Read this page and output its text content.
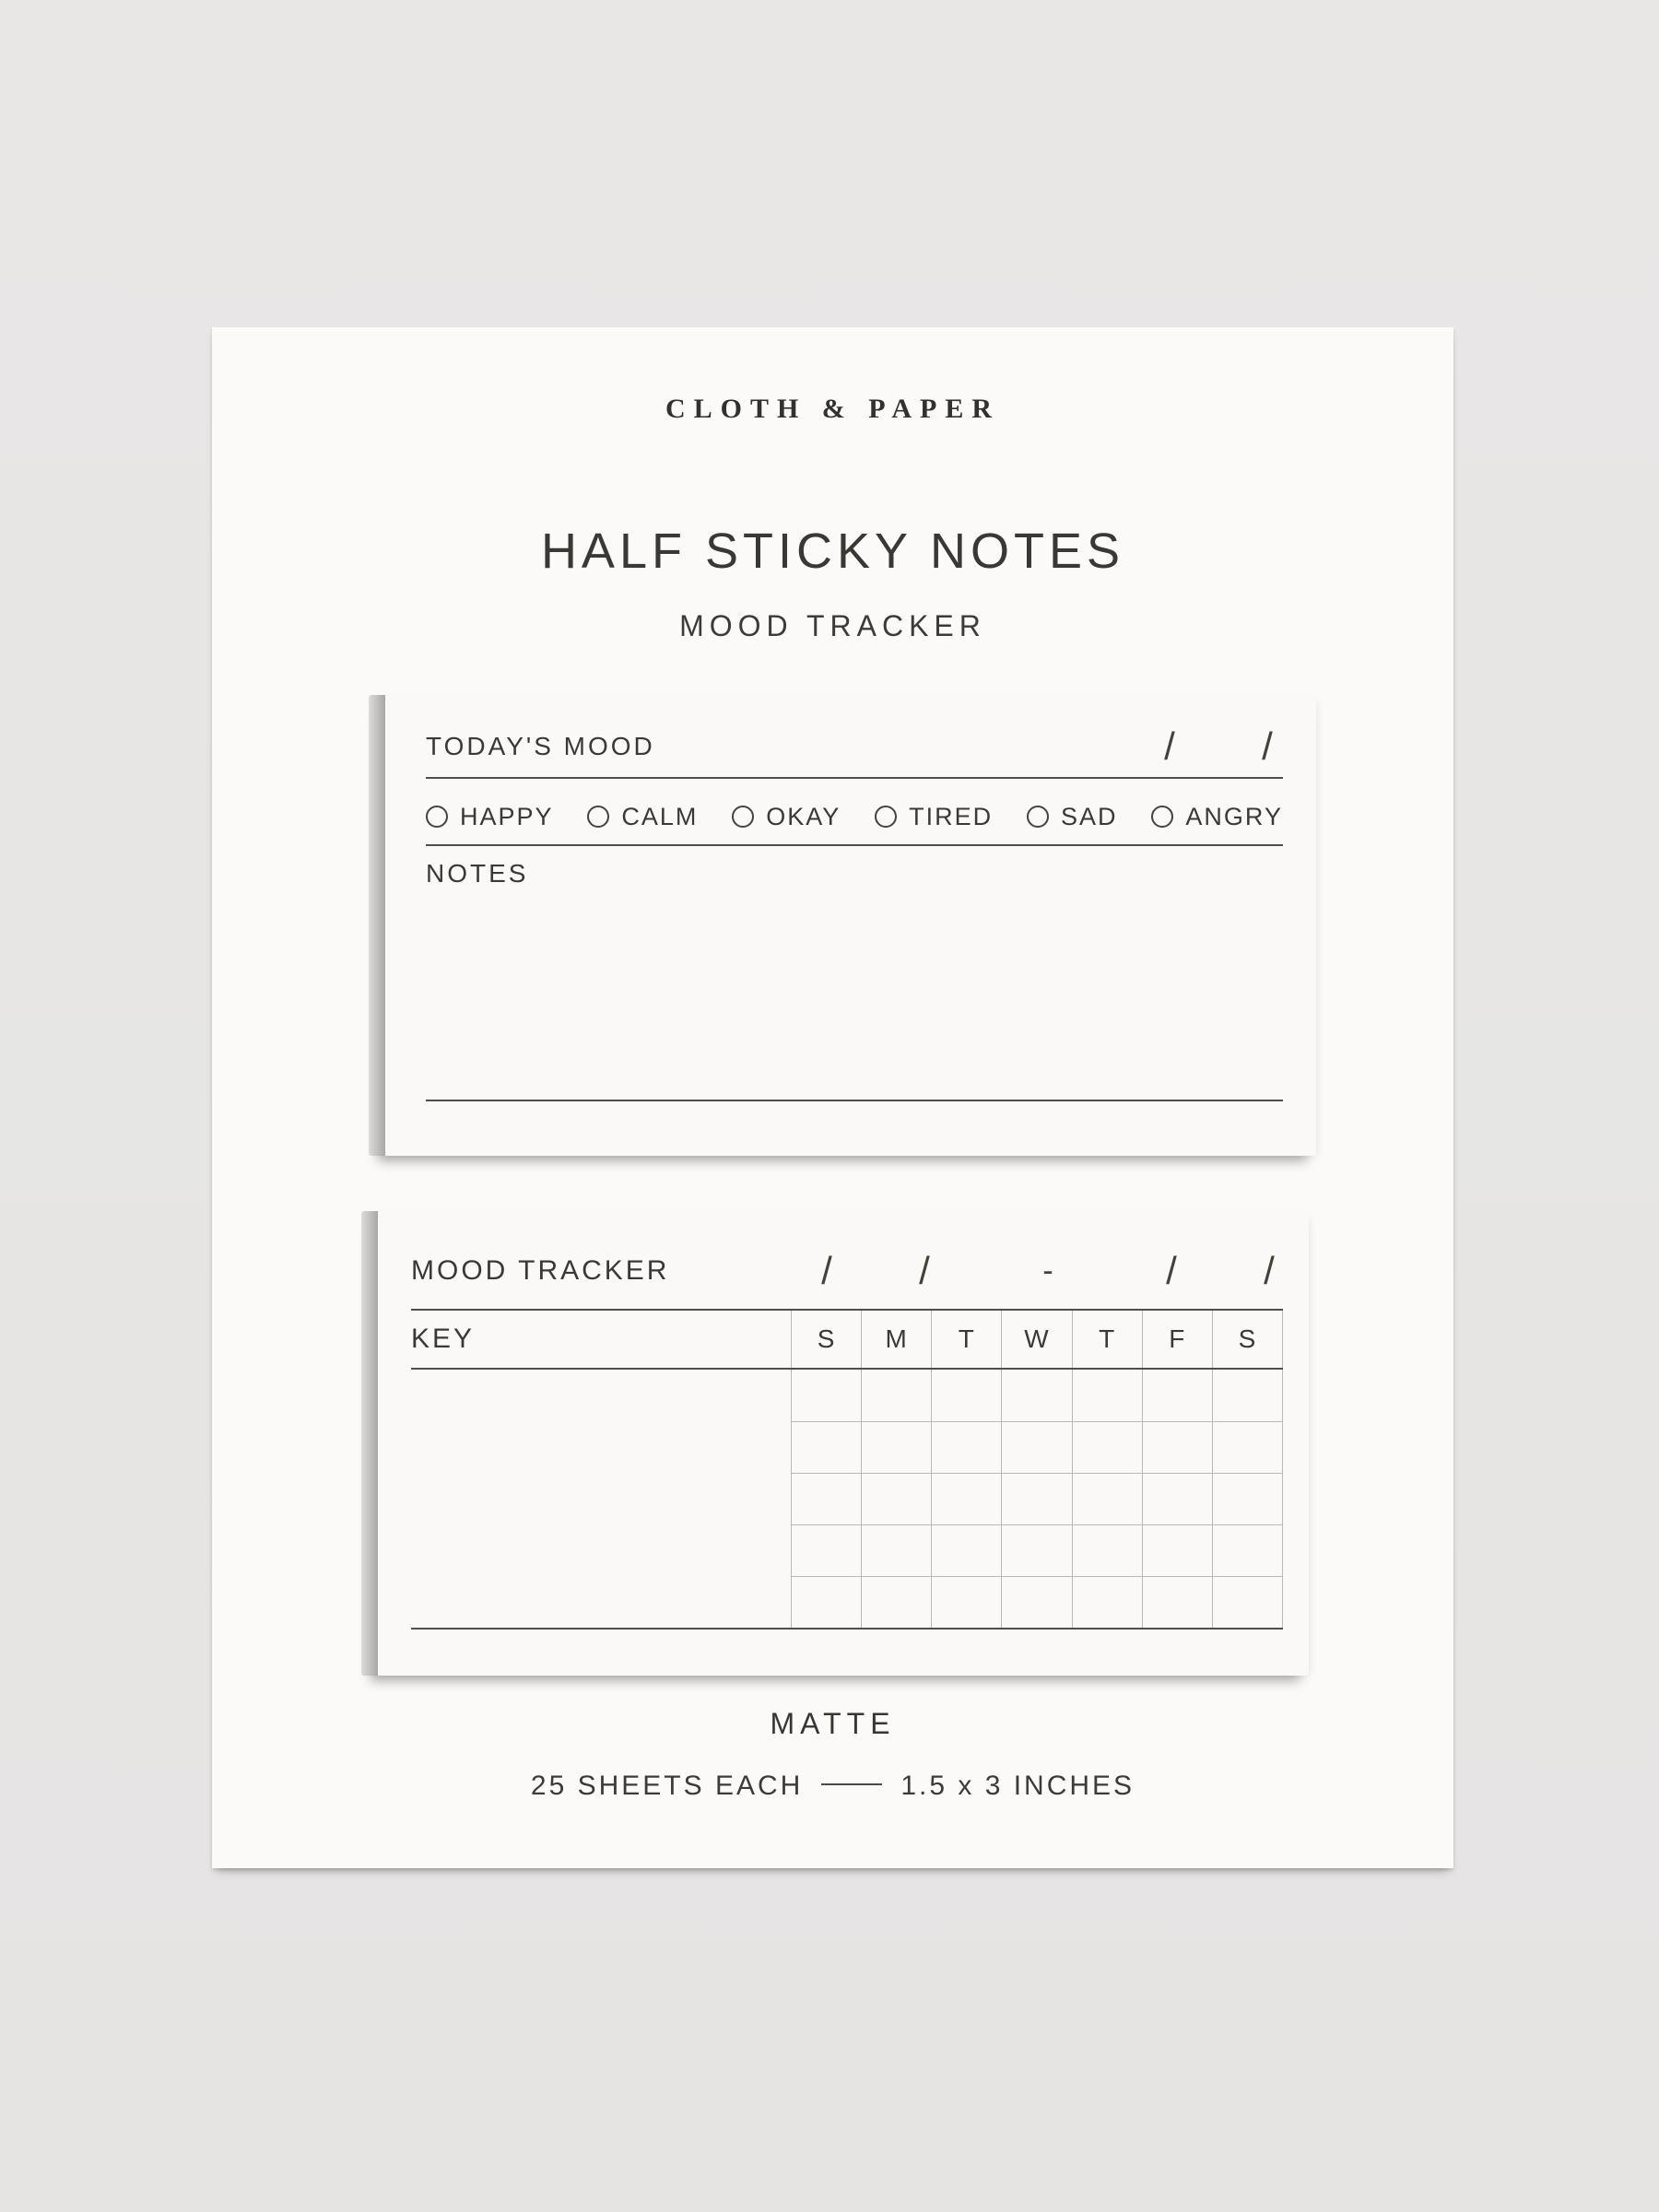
CLOTH & PAPER
HALF STICKY NOTES
MOOD TRACKER
TODAY'S MOOD	/ /
HAPPY	CALM	OKAY	TIRED	SAD	ANGRY
NOTES
MOOD TRACKER	/ /	-	/ /
KEY	S	M	T	W	T	F	S
MATTE
25 SHEETS EACH	1.5 x 3 INCHES
